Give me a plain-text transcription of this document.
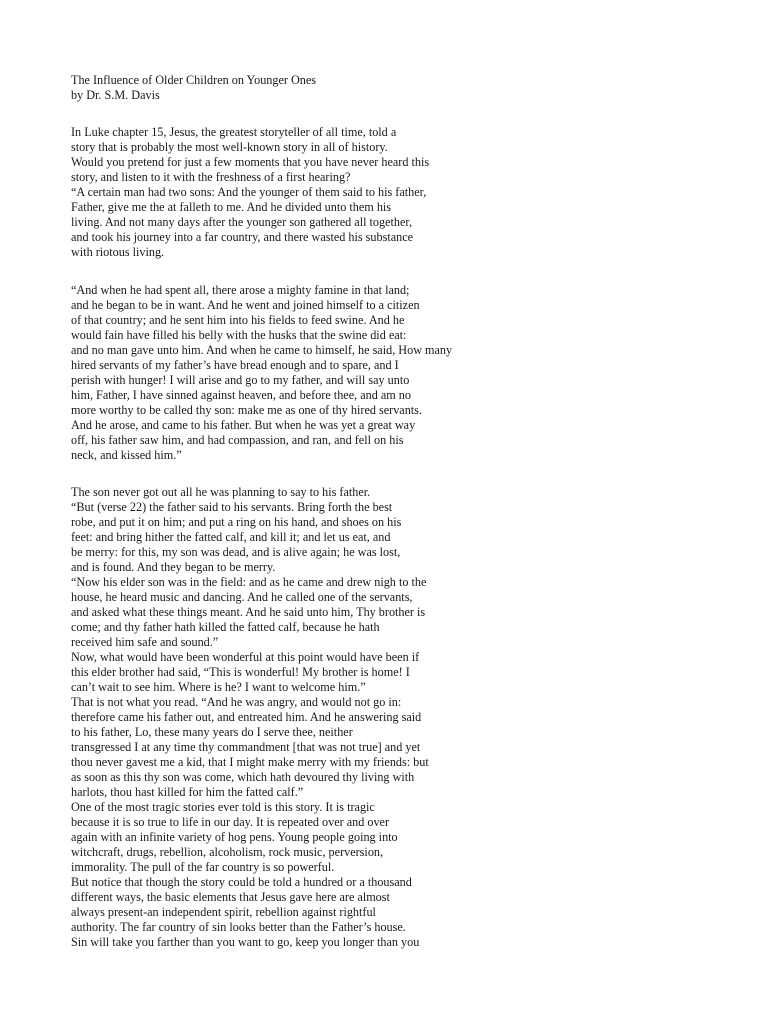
The Influence of Older Children on Younger Ones
by Dr. S.M. Davis
In Luke chapter 15, Jesus, the greatest storyteller of all time, told a
story that is probably the most well-known story in all of history.
Would you pretend for just a few moments that you have never heard this
story, and listen to it with the freshness of a first hearing?
“A certain man had two sons: And the younger of them said to his father,
Father, give me the at falleth to me. And he divided unto them his
living. And not many days after the younger son gathered all together,
and took his journey into a far country, and there wasted his substance
with riotous living.
“And when he had spent all, there arose a mighty famine in that land;
and he began to be in want. And he went and joined himself to a citizen
of that country; and he sent him into his fields to feed swine. And he
would fain have filled his belly with the husks that the swine did eat:
and no man gave unto him. And when he came to himself, he said, How many
hired servants of my father’s have bread enough and to spare, and I
perish with hunger! I will arise and go to my father, and will say unto
him, Father, I have sinned against heaven, and before thee, and am no
more worthy to be called thy son: make me as one of thy hired servants.
And he arose, and came to his father. But when he was yet a great way
off, his father saw him, and had compassion, and ran, and fell on his
neck, and kissed him.”
The son never got out all he was planning to say to his father.
“But (verse 22) the father said to his servants. Bring forth the best
robe, and put it on him; and put a ring on his hand, and shoes on his
feet: and bring hither the fatted calf, and kill it; and let us eat, and
be merry: for this, my son was dead, and is alive again; he was lost,
and is found. And they began to be merry.
“Now his elder son was in the field: and as he came and drew nigh to the
house, he heard music and dancing. And he called one of the servants,
and asked what these things meant. And he said unto him, Thy brother is
come; and thy father hath killed the fatted calf, because he hath
received him safe and sound.”
Now, what would have been wonderful at this point would have been if
this elder brother had said, “This is wonderful! My brother is home! I
can’t wait to see him. Where is he? I want to welcome him.”
That is not what you read. “And he was angry, and would not go in:
therefore came his father out, and entreated him. And he answering said
to his father, Lo, these many years do I serve thee, neither
transgressed I at any time thy commandment [that was not true] and yet
thou never gavest me a kid, that I might make merry with my friends: but
as soon as this thy son was come, which hath devoured thy living with
harlots, thou hast killed for him the fatted calf.”
One of the most tragic stories ever told is this story. It is tragic
because it is so true to life in our day. It is repeated over and over
again with an infinite variety of hog pens. Young people going into
witchcraft, drugs, rebellion, alcoholism, rock music, perversion,
immorality. The pull of the far country is so powerful.
But notice that though the story could be told a hundred or a thousand
different ways, the basic elements that Jesus gave here are almost
always present-an independent spirit, rebellion against rightful
authority. The far country of sin looks better than the Father’s house.
Sin will take you farther than you want to go, keep you longer than you
